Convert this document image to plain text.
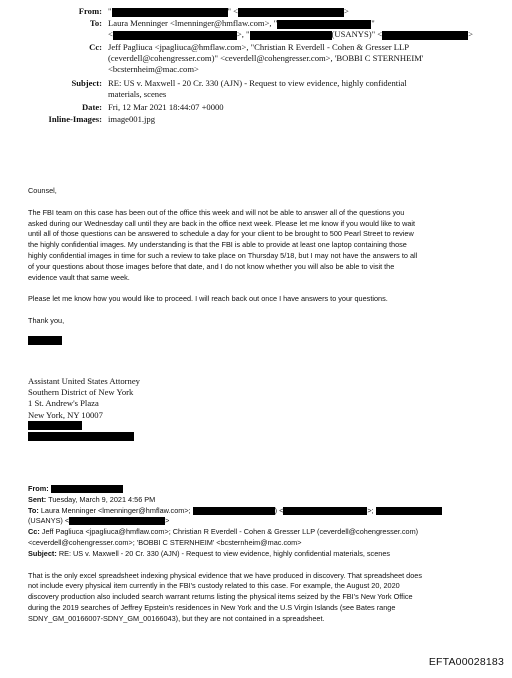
From: "	" <	>
To: Laura Menninger <lmenninger@hmflaw.com>, "	"
<	>, "	(USANYS)" <	>
Cc: Jeff Pagliuca <jpagliuca@hmflaw.com>, "Christian R Everdell - Cohen & Gresser LLP
(ceverdell@cohengresser.com)" <ceverdell@cohengresser.com>, 'BOBBI C STERNHEIM'
<bcsternheim@mac.com>
Subject: RE: US v. Maxwell - 20 Cr. 330 (AJN) - Request to view evidence, highly confidential
materials, scenes
Date: Fri, 12 Mar 2021 18:44:07 +0000
Inline-Images: image001.jpg

Counsel,

The FBI team on this case has been out of the office this week and will not be able to answer all of the questions you
asked during our Wednesday call until they are back in the office next week. Please let me know if you would like to wait
until all of those questions can be answered to schedule a day for your client to be brought to 500 Pearl Street to review
the highly confidential images. My understanding is that the FBI is able to provide at least one laptop containing those
highly confidential images in time for such a review to take place on Thursday 5/18, but I may not have the answers to all
of your questions about those images before that date, and I do not know whether you will also be able to visit the
evidence vault that same week.

Please let me know how you would like to proceed. I will reach back out once I have answers to your questions.

Thank you,

Assistant United States Attorney
Southern District of New York
1 St. Andrew's Plaza
New York, NY 10007
From:
Sent: Tuesday, March 9, 2021 4:56 PM
To: Laura Menninger <lmenninger@hmflaw.com>;	) <	>;
(USANYS) <	>
Cc: Jeff Pagliuca <jpagliuca@hmflaw.com>; Christian R Everdell - Cohen & Gresser LLP (ceverdell@cohengresser.com)
<ceverdell@cohengresser.com>; 'BOBBI C STERNHEIM' <bcsternheim@mac.com>
Subject: RE: US v. Maxwell - 20 Cr. 330 (AJN) - Request to view evidence, highly confidential materials, scenes
That is the only excel spreadsheet indexing physical evidence that we have produced in discovery. That spreadsheet does
not include every physical item currently in the FBI's custody related to this case. For example, the August 20, 2020
discovery production also included search warrant returns listing the physical items seized by the FBI's New York Office
during the 2019 searches of Jeffrey Epstein's residences in New York and the U.S Virgin Islands (see Bates range
SDNY_GM_00166007-SDNY_GM_00166043), but they are not contained in a spreadsheet.
EFTA00028183
